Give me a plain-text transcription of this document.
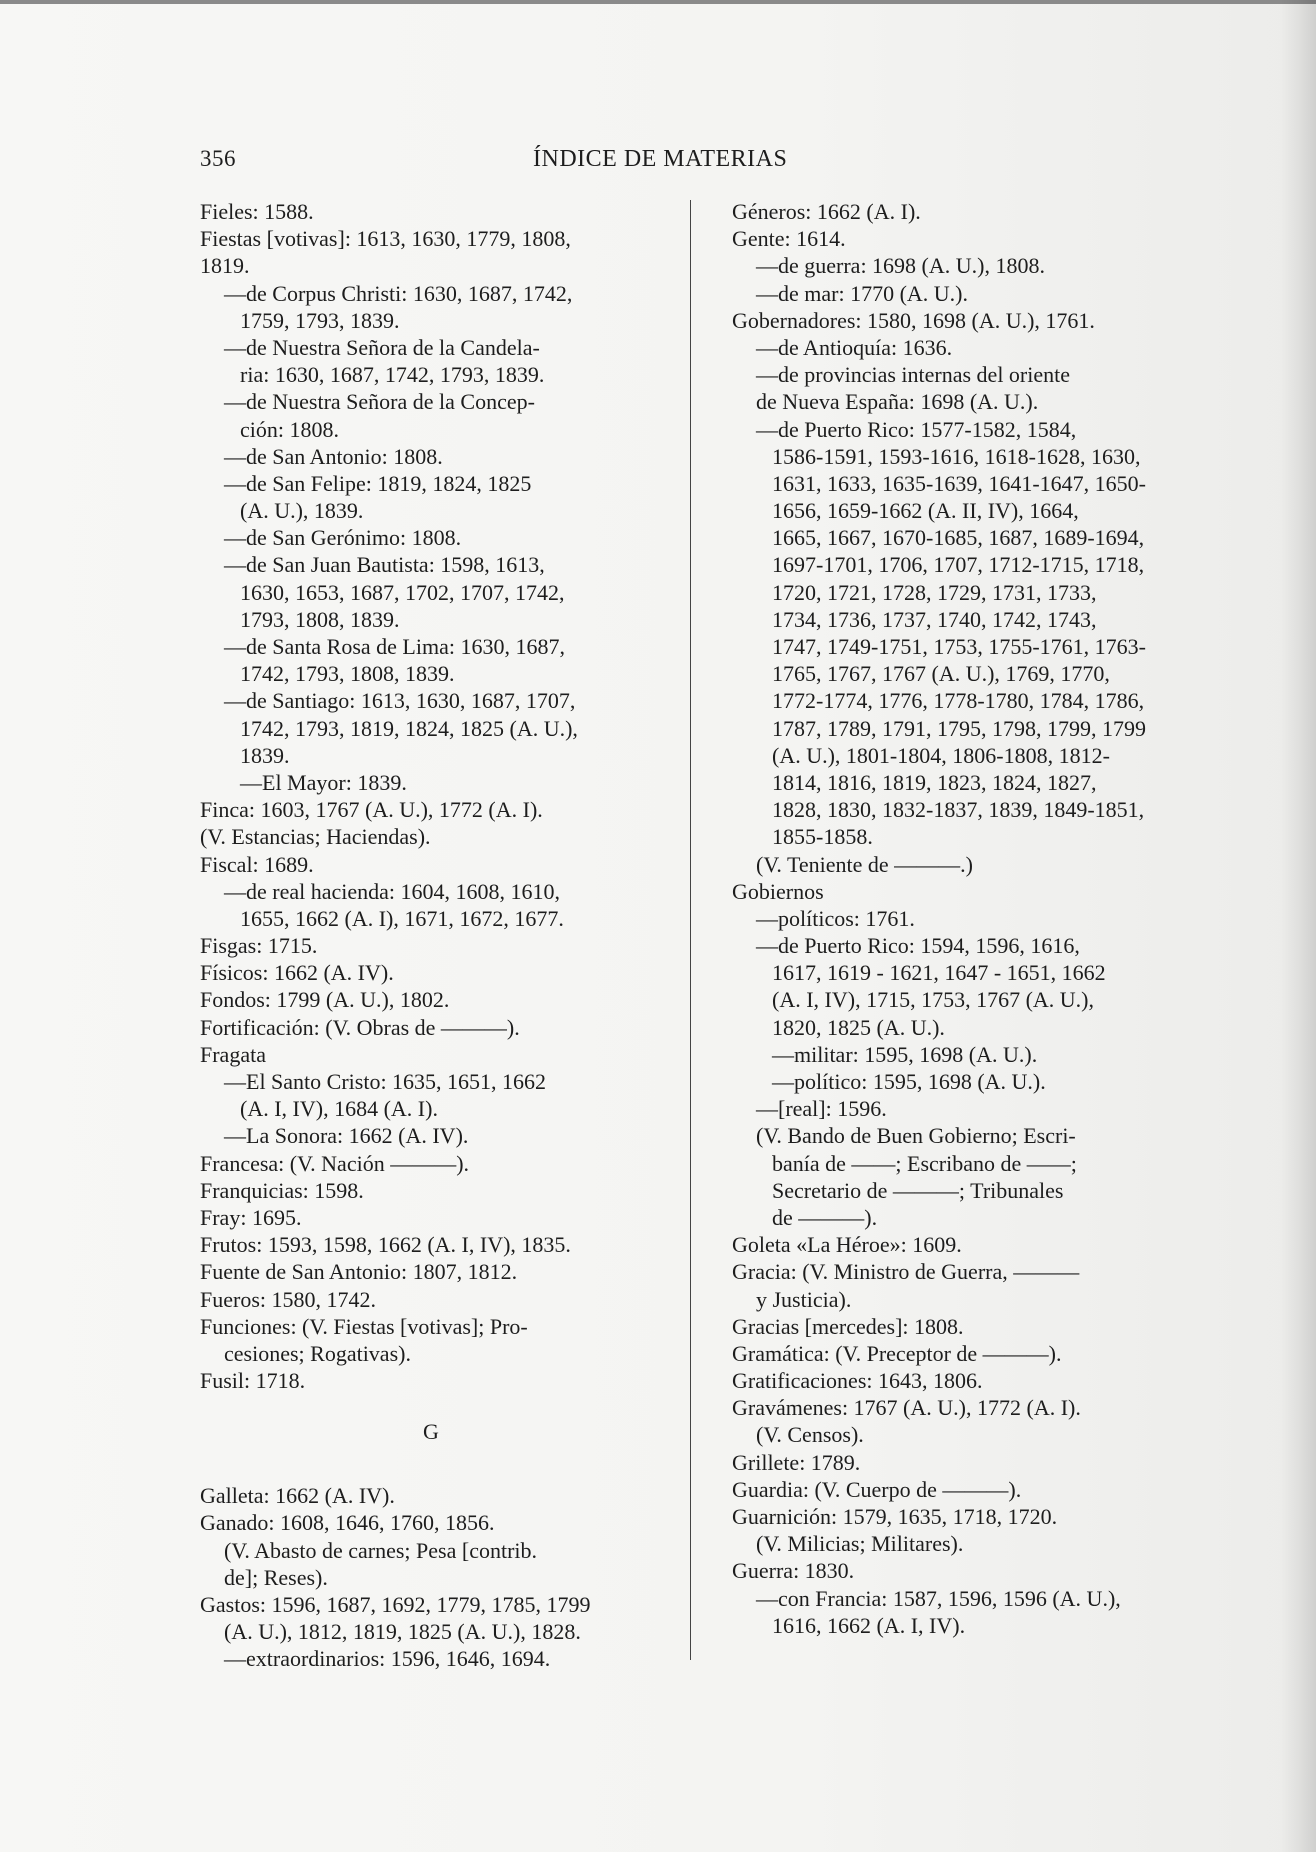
356	ÍNDICE DE MATERIAS
Fieles: 1588.
Fiestas [votivas]: 1613, 1630, 1779, 1808,
1819.
—de Corpus Christi: 1630, 1687, 1742,
1759, 1793, 1839.
—de Nuestra Señora de la Candela-
ria: 1630, 1687, 1742, 1793, 1839.
—de Nuestra Señora de la Concep-
ción: 1808.
—de San Antonio: 1808.
—de San Felipe: 1819, 1824, 1825
(A. U.), 1839.
—de San Gerónimo: 1808.
—de San Juan Bautista: 1598, 1613,
1630, 1653, 1687, 1702, 1707, 1742,
1793, 1808, 1839.
—de Santa Rosa de Lima: 1630, 1687,
1742, 1793, 1808, 1839.
—de Santiago: 1613, 1630, 1687, 1707,
1742, 1793, 1819, 1824, 1825 (A. U.),
1839.
—El Mayor: 1839.
Finca: 1603, 1767 (A. U.), 1772 (A. I).
(V. Estancias; Haciendas).
Fiscal: 1689.
—de real hacienda: 1604, 1608, 1610,
1655, 1662 (A. I), 1671, 1672, 1677.
Fisgas: 1715.
Físicos: 1662 (A. IV).
Fondos: 1799 (A. U.), 1802.
Fortificación: (V. Obras de ———).
Fragata
—El Santo Cristo: 1635, 1651, 1662
(A. I, IV), 1684 (A. I).
—La Sonora: 1662 (A. IV).
Francesa: (V. Nación ———).
Franquicias: 1598.
Fray: 1695.
Frutos: 1593, 1598, 1662 (A. I, IV), 1835.
Fuente de San Antonio: 1807, 1812.
Fueros: 1580, 1742.
Funciones: (V. Fiestas [votivas]; Pro-
cesiones; Rogativas).
Fusil: 1718.
G
Galleta: 1662 (A. IV).
Ganado: 1608, 1646, 1760, 1856.
(V. Abasto de carnes; Pesa [contrib.
de]; Reses).
Gastos: 1596, 1687, 1692, 1779, 1785, 1799
(A. U.), 1812, 1819, 1825 (A. U.), 1828.
—extraordinarios: 1596, 1646, 1694.
Géneros: 1662 (A. I).
Gente: 1614.
—de guerra: 1698 (A. U.), 1808.
—de mar: 1770 (A. U.).
Gobernadores: 1580, 1698 (A. U.), 1761.
—de Antioquía: 1636.
—de provincias internas del oriente
de Nueva España: 1698 (A. U.).
—de Puerto Rico: 1577-1582, 1584,
1586-1591, 1593-1616, 1618-1628, 1630,
1631, 1633, 1635-1639, 1641-1647, 1650-
1656, 1659-1662 (A. II, IV), 1664,
1665, 1667, 1670-1685, 1687, 1689-1694,
1697-1701, 1706, 1707, 1712-1715, 1718,
1720, 1721, 1728, 1729, 1731, 1733,
1734, 1736, 1737, 1740, 1742, 1743,
1747, 1749-1751, 1753, 1755-1761, 1763-
1765, 1767, 1767 (A. U.), 1769, 1770,
1772-1774, 1776, 1778-1780, 1784, 1786,
1787, 1789, 1791, 1795, 1798, 1799, 1799
(A. U.), 1801-1804, 1806-1808, 1812-
1814, 1816, 1819, 1823, 1824, 1827,
1828, 1830, 1832-1837, 1839, 1849-1851,
1855-1858.
(V. Teniente de ———.)
Gobiernos
—políticos: 1761.
—de Puerto Rico: 1594, 1596, 1616,
1617, 1619 - 1621, 1647 - 1651, 1662
(A. I, IV), 1715, 1753, 1767 (A. U.),
1820, 1825 (A. U.).
—militar: 1595, 1698 (A. U.).
—político: 1595, 1698 (A. U.).
—[real]: 1596.
(V. Bando de Buen Gobierno; Escri-
banía de ——; Escribano de ——;
Secretario de ———; Tribunales
de ———).
Goleta «La Héroe»: 1609.
Gracia: (V. Ministro de Guerra, ———
y Justicia).
Gracias [mercedes]: 1808.
Gramática: (V. Preceptor de ———).
Gratificaciones: 1643, 1806.
Gravámenes: 1767 (A. U.), 1772 (A. I).
(V. Censos).
Grillete: 1789.
Guardia: (V. Cuerpo de ———).
Guarnición: 1579, 1635, 1718, 1720.
(V. Milicias; Militares).
Guerra: 1830.
—con Francia: 1587, 1596, 1596 (A. U.),
1616, 1662 (A. I, IV).
